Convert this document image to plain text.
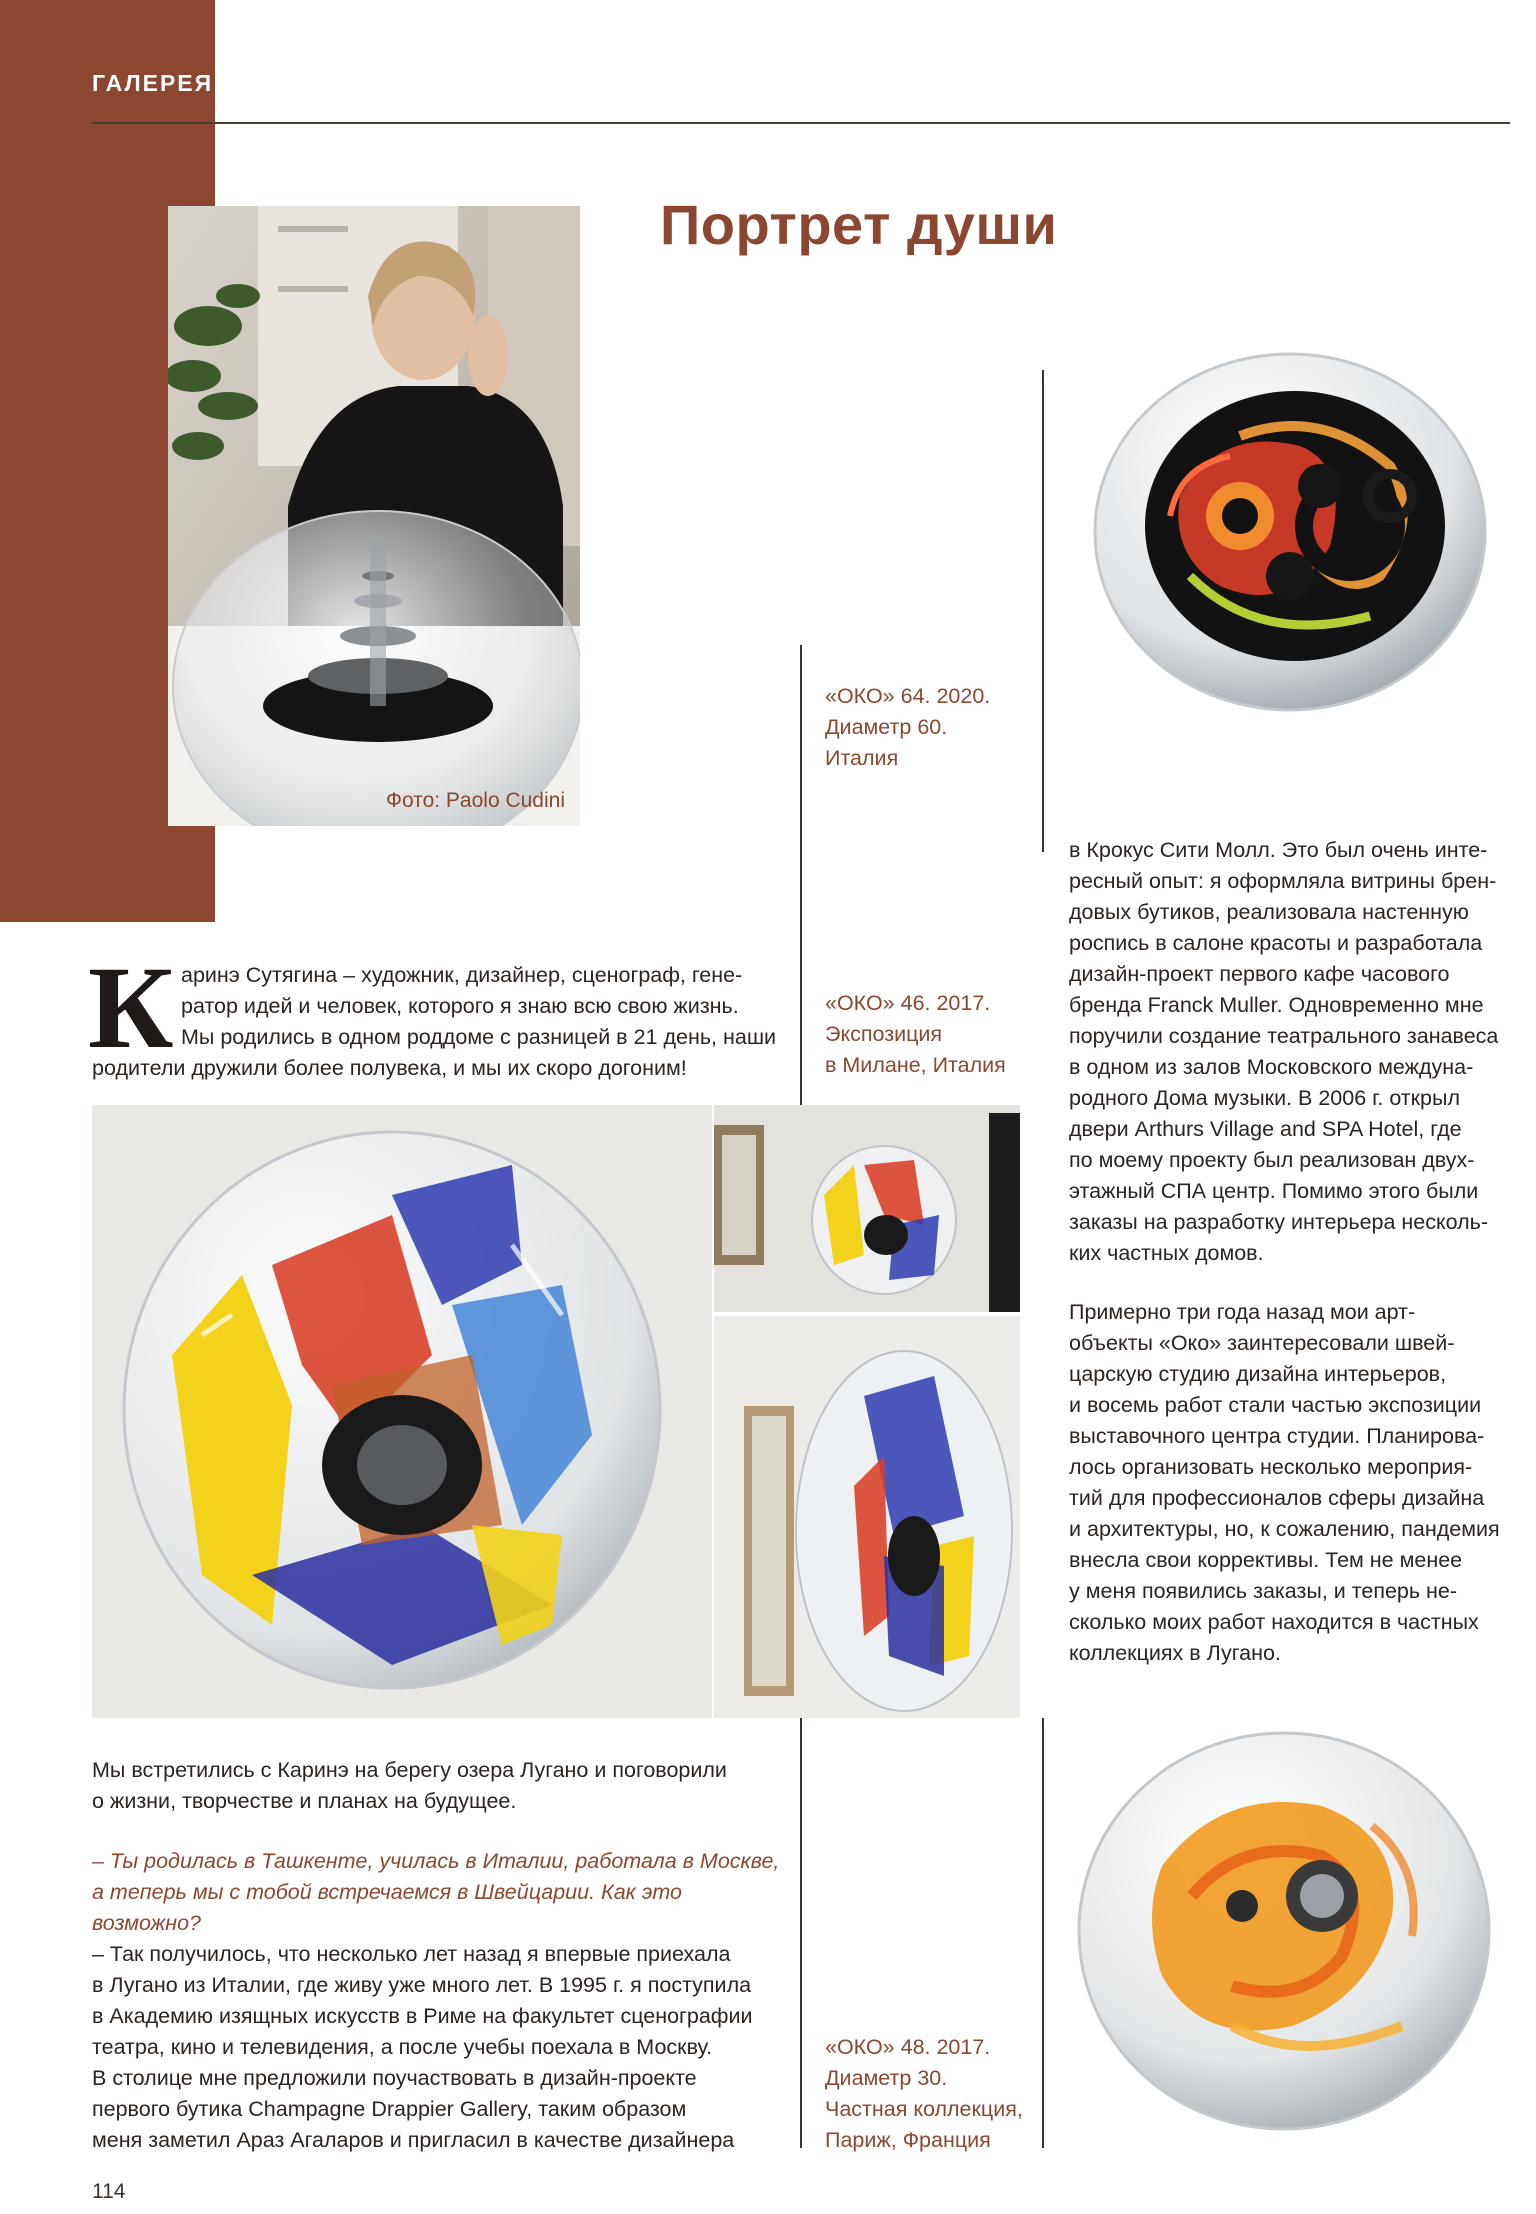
ГАЛЕРЕЯ
Портрет души
Фото: Paolo Cudini
«ОКО» 64. 2020.
Диаметр 60.
Италия
«ОКО» 46. 2017.
Экспозиция
в Милане, Италия
«ОКО» 48. 2017.
Диаметр 30.
Частная коллекция,
Париж, Франция
в Крокус Сити Молл. Это был очень инте-
ресный опыт: я оформляла витрины брен-
довых бутиков, реализовала настенную
роспись в салоне красоты и разработала
дизайн-проект первого кафе часового
бренда Franck Muller. Одновременно мне
поручили создание театрального занавеса
в одном из залов Московского междуна-
родного Дома музыки. В 2006 г. открыл
двери Arthurs Village and SPA Hotel, где
по моему проекту был реализован двух-
этажный СПА центр. Помимо этого были
заказы на разработку интерьера несколь-
ких частных домов.
Примерно три года назад мои арт-
объекты «Око» заинтересовали швей-
царскую студию дизайна интерьеров,
и восемь работ стали частью экспозиции
выставочного центра студии. Планирова-
лось организовать несколько мероприя-
тий для профессионалов сферы дизайна
и архитектуры, но, к сожалению, пандемия
внесла свои коррективы. Тем не менее
у меня появились заказы, и теперь не-
сколько моих работ находится в частных
коллекциях в Лугано.
К аринэ Сутягина – художник, дизайнер, сценограф, гене-
ратор идей и человек, которого я знаю всю свою жизнь.
Мы родились в одном роддоме с разницей в 21 день, наши
родители дружили более полувека, и мы их скоро догоним!
Мы встретились с Каринэ на берегу озера Лугано и поговорили
о жизни, творчестве и планах на будущее.
– Ты родилась в Ташкенте, училась в Италии, работала в Москве,
а теперь мы с тобой встречаемся в Швейцарии. Как это возможно?
– Так получилось, что несколько лет назад я впервые приехала
в Лугано из Италии, где живу уже много лет. В 1995 г. я поступила
в Академию изящных искусств в Риме на факультет сценографии
театра, кино и телевидения, а после учебы поехала в Москву.
В столице мне предложили поучаствовать в дизайн-проекте
первого бутика Champagne Drappier Gallery, таким образом
меня заметил Араз Агаларов и пригласил в качестве дизайнера
114
